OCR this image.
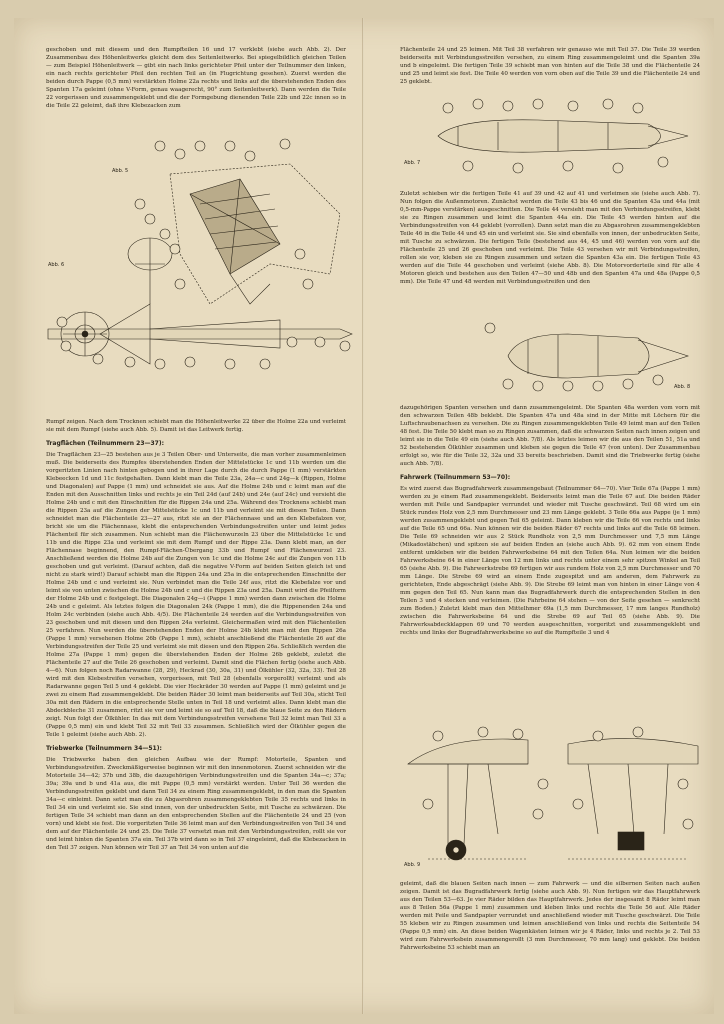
geschoben und mit diesem und den Rumpfteilen 16 und 17 verklebt (siehe auch Abb. 2). Der Zusammenbau des Höhenleitwerks gleicht dem des Seitenleitwerks. Bei spiegelbildlich gleichen Teilen — zum Beispiel Höhenleitwerk — gibt ein nach links gerichteter Pfeil unter der Teilnummer den linken, ein nach rechts gerichteter Pfeil den rechten Teil an (in Flugrichtung gesehen). Zuerst werden die beiden durch Pappe (0,5 mm) verstärkten Holme 22a rechts und links auf die überstehenden Enden des Spanten 17a geleimt (ohne V-Form, genau waagerecht, 90° zum Seitenleitwerk). Dann werden die Teile 22 vorgerissen und zusammengeklebt und die der Formgebung dienenden Teile 22b und 22c innen so in die Teile 22 geleimt, daß ihre Klebezacken zum

Abb. 5
Abb. 6

Rumpf zeigen. Nach dem Trocknen schiebt man die Höhenleitwerke 22 über die Holme 22a und verleimt sie mit dem Rumpf (siehe auch Abb. 5). Damit ist das Leitwerk fertig.

Tragflächen (Teilnummern 23—37):

Die Tragflächen 23—25 bestehen aus je 3 Teilen Ober- und Unterseite, die man vorher zusammenleimen muß. Die beiderseits des Rumpfes überstehenden Enden der Mittelstücke 1c und 11b werden um die vorgeritzten Linien nach hinten gebogen und in ihrer Lage durch die durch Pappe (1 mm) verstärkten Klebeecken 1d und 11c festgehalten. Dann klebt man die Teile 23a, 24a—c und 24g—k (Rippen, Holme und Diagonalen) auf Pappe (1 mm) und schneidet sie aus. Auf die Holme 24b und c leimt man auf die Enden mit den Ausschnitten links und rechts je ein Teil 24d (auf 24b) und 24e (auf 24c) und versieht die Holme 24b und c mit den Einschnitten für die Rippen 24a und 25a. Während des Trocknens schiebt man die Rippen 23a auf die Zungen der Mittelstücke 1c und 11b und verleimt sie mit diesen Teilen. Dann schneidet man die Flächenteile 23—27 aus, ritzt sie an der Flächennase und an den Klebefalzen vor, bricht sie um die Flächennase, klebt die entsprechenden Verbindungsstreifen unter und leimt jedes Flächenteil für sich zusammen. Nun schiebt man die Flächenwurzeln 23 über die Mittelstücke 1c und 11b und die Rippe 23a und verleimt sie mit dem Rumpf und der Rippe 23a. Dann klebt man, an der Flächennase beginnend, den Rumpf-Flächen-Übergang 33b und Rumpf und Flächenwurzel 23. Anschließend werden die Holme 24b auf die Zungen von 1c und die Holme 24c auf die Zungen von 11b geschoben und gut verleimt. (Darauf achten, daß die negative V-Form auf beiden Seiten gleich ist und nicht zu stark wird!) Darauf schiebt man die Rippen 24a und 25a in die entsprechenden Einschnitte der Holme 24b und c und verleimt sie. Nun verbindet man die Teile 24f aus, ritzt die Klebefalze vor und leimt sie von unten zwischen die Holme 24b und c und die Rippen 23a und 25a. Damit wird die Pfeilform der Holme 24b und c festgelegt. Die Diagonalen 24g—i (Pappe 1 mm) werden dann zwischen die Holme 24b und c geleimt. Als letztes folgen die Diagonalen 24k (Pappe 1 mm), die die Rippenenden 24a und Holm 24c verbinden (siehe auch Abb. 4/5). Die Flächenteile 24 werden auf die Verbindungsstreifen von 23 geschoben und mit diesen und den Rippen 24a verleimt. Gleichermaßen wird mit den Flächenteilen 25 verfahren. Nun werden die überstehenden Enden der Holme 24b klebt man mit den Rippen 26a (Pappe 1 mm) versehenen Holme 26b (Pappe 1 mm), schiebt anschließend die Flächenteile 26 auf die Verbindungsstreifen der Teile 25 und verleimt sie mit diesen und den Rippen 26a. Schließlich werden die Holme 27a (Pappe 1 mm) gegen die überstehenden Enden der Holme 26b geklebt, zuletzt die Flächenteile 27 auf die Teile 26 geschoben und verleimt. Damit sind die Flächen fertig (siehe auch Abb. 4—6). Nun folgen noch Radarwanne (28, 29), Heckrad (30, 30a, 31) und Ölkühler (32, 32a, 33). Teil 28 wird mit den Klebestreifen versehen, vorgerissen, mit Teil 28 (ebenfalls vorgerollt) verleimt und als Radarwanne gegen Teil 5 und 4 geklebt. Die vier Heckräder 30 werden auf Pappe (1 mm) geleimt und je zwei zu einem Rad zusammengeklebt. Die beiden Räder 30 leimt man beiderseits auf Teil 30a, sticht Teil 30a mit den Rädern in die entsprechende Stelle unten in Teil 18 und verleimt alles. Dann klebt man die Abdeckbleche 31 zusammen, ritzt sie vor und leimt sie so auf Teil 18, daß die blaue Seite zu den Rädern zeigt. Nun folgt der Ölkühler. In das mit dem Verbindungsstreifen versehene Teil 32 leimt man Teil 33 a (Pappe 0,5 mm) ein und klebt Teil 32 mit Teil 33 zusammen. Schließlich wird der Ölkühler gegen die Teile 1 geleimt (siehe auch Abb. 2).

Triebwerke (Teilnummern 34—51):

Die Triebwerke haben den gleichen Aufbau wie der Rumpf: Motorteile, Spanten und Verbindungsstreifen. Zweckmäßigerweise beginnen wir mit den innenmotoren. Zuerst schneiden wir die Motorteile 34—42; 37b und 38b, die dazugehörigen Verbindungsstreifen und die Spanten 34a—c; 37a; 39a; 39a und b und 41a aus, die mit Pappe (0,5 mm) verstärkt werden. Unter Teil 36 werden die Verbindungsstreifen geklebt und dann Teil 34 zu einem Ring zusammengeklebt, in den man die Spanten 34a—c einleimt. Dann setzt man die zu Abgasrohren zusammengeklebten Teile 35 rechts und links in Teil 34 ein und verleimt sie. Sie sind innen, von der unbedruckten Seite, mit Tusche zu schwärzen. Die fertigen Teile 34 schiebt man dann an den entsprechenden Stellen auf die Flächenteile 24 und 25 (von vorn) und klebt sie fest. Die vorgeritzten Teile 36 leimt man auf den Verbindungsstreifen von Teil 34 und dem auf der Flächenteile 24 und 25. Die Teile 37 versetzt man mit den Verbindungsstreifen, rollt sie vor und leimt hinten die Spanten 37a ein. Teil 37b wird dann so in Teil 37 eingeleimt, daß die Klebezacken in den Teil 37 zeigen. Nun können wir Teil 37 an Teil 34 von unten auf die

Flächenteile 24 und 25 leimen. Mit Teil 38 verfahren wir genauso wie mit Teil 37. Die Teile 39 werden beiderseits mit Verbindungsstreifen versehen, zu einem Ring zusammengeleimt und die Spanten 39a und b eingeleimt. Die fertigen Teile 39 schiebt man von hinten auf die Teile 38 und die Flächenteile 24 und 25 und leimt sie fest. Die Teile 40 werden von vorn oben auf die Teile 39 und die Flächenteile 24 und 25 geklebt.

Abb. 7

Zuletzt schieben wir die fertigen Teile 41 auf 39 und 42 auf 41 und verleimen sie (siehe auch Abb. 7). Nun folgen die Außenmotoren. Zunächst werden die Teile 43 bis 46 und die Spanten 43a und 44a (mit 0,5-mm-Pappe verstärken) ausgeschnitten. Die Teile 44 versieht man mit den Verbindungsstreifen, klebt sie zu Ringen zusammen und leimt die Spanten 44a ein. Die Teile 45 werden hinten auf die Verbindungsstreifen von 44 geklebt (vorrollen). Dann setzt man die zu Abgasrohren zusammengeklebten Teile 46 in die Teile 44 und 45 ein und verleimt sie. Sie sind ebenfalls von innen, der unbedruckten Seite, mit Tusche zu schwärzen. Die fertigen Teile (bestehend aus 44, 45 und 46) werden von vorn auf die Flächenteile 25 und 26 geschoben und verleimt. Die Teile 43 versehen wir mit Verbindungsstreifen, rollen sie vor, kleben sie zu Ringen zusammen und setzen die Spanten 43a ein. Die fertigen Teile 43 werden auf die Teile 44 geschoben und verleimt (siehe Abb. 8). Die Motorvorderteile sind für alle 4 Motoren gleich und bestehen aus den Teilen 47—50 und 48b und den Spanten 47a und 48a (Pappe 0,5 mm). Die Teile 47 und 48 werden mit Verbindungsstreifen und den

Abb. 8

dazugehörigen Spanten versehen und dann zusammengeleimt. Die Spanten 48a werden vom vorn mit den schwarzen Teilen 48b beklebt. Die Spanten 47a und 48a sind in der Mitte mit Löchern für die Luftschraubenachsen zu versehen. Die zu Ringen zusammengeklebten Teile 49 leimt man auf den Teilen 48 fest. Die Teile 50 klebt man so zu Ringen zusammen, daß die schwarzen Seiten nach innen zeigen und leimt sie in die Teile 49 ein (siehe auch Abb. 7/8). Als letztes leimen wir die aus den Teilen 51, 51a und 52 bestehenden Ölkühler zusammen und kleben sie gegen die Teile 47 (von unten). Der Zusammenbau erfolgt so, wie für die Teile 32, 32a und 33 bereits beschrieben. Damit sind die Triebwerke fertig (siehe auch Abb. 7/8).

Fahrwerk (Teilnummern 53—70):

Es wird zuerst das Bugradfahrwerk zusammengebaut (Teilnummer 64—70). Vier Teile 67a (Pappe 1 mm) werden zu je einem Rad zusammengeklebt. Beiderseits leimt man die Teile 67 auf. Die beiden Räder werden mit Feile und Sandpapier verrundet und wieder mit Tusche geschwärzt. Teil 68 wird um ein Stück rundes Holz von 2,5 mm Durchmesser und 23 mm Länge geklebt. 3 Teile 66a aus Pappe (je 1 mm) werden zusammengeklebt und gegen Teil 65 geleimt. Dann kleben wir die Teile 66 von rechts und links auf die Teile 65 und 66a. Nun können wir die beiden Räder 67 rechts und links auf die Teile 68 leimen. Die Teile 69 schneiden wir aus 2 Stück Rundholz von 2,5 mm Durchmesser und 7,5 mm Länge (Mikadostäbchen) und spitzen sie auf beiden Enden an (siehe auch Abb. 9). 62 mm von einem Ende entfernt umkleben wir die beiden Fahrwerksbeine 64 mit den Teilen 64a. Nun leimen wir die beiden Fahrwerksbeine 64 in einer Länge von 12 mm links und rechts unter einem sehr spitzen Winkel an Teil 65 (siehe Abb. 9). Die Fahrwerkstrebe 69 fertigen wir aus rundem Holz von 2,5 mm Durchmesser und 70 mm Länge. Die Strebe 69 wird an einem Ende zugespitzt und am anderen, dem Fahrwerk zu gerichteten, Ende abgeschrägt (siehe Abb. 9). Die Strebe 69 leimt man von hinten in einer Länge von 4 mm gegen den Teil 65. Nun kann man das Bugradfahrwerk durch die entsprechenden Stellen in den Teilen 3 und 4 stecken und verleimen. (Die Fahrbeine 64 stehen — von der Seite gesehen — senkrecht zum Boden.) Zuletzt klebt man den Mittelhmer 69a (1,5 mm Durchmesser, 17 mm langes Rundholz) zwischen die Fahrwerksbeine 64 und die Strebe 69 auf Teil 65 (siehe Abb. 9). Die Fahrwerksabdeckklappen 69 und 70 werden ausgeschnitten, vorgeritzt und zusammengeklebt und rechts und links der Bugradfahrwerksbeine so auf die Rumpfteile 3 und 4

Abb. 9

geleimt, daß die blauen Seiten nach innen — zum Fahrwerk — und die silbernen Seiten nach außen zeigen. Damit ist das Bugradfahrwerk fertig (siehe auch Abb. 9). Nun fertigen wir das Hauptfahrwerk aus den Teilen 53—63. Je vier Räder bilden das Hauptfahrwerk. Jedes der insgesamt 8 Räder leimt man aus 8 Teilen 56a (Pappe 1 mm) zusammen und kleben links und rechts die Teile 56 auf. Alle Räder werden mit Feile und Sandpapier verrundet und anschließend wieder mit Tusche geschwärzt. Die Teile 55 kleben wir zu Ringen zusammen und leimen anschließend von links und rechts die Seitenteile 54 (Pappe 0,5 mm) ein. An diese beiden Wagenkästen leimen wir je 4 Räder, links und rechts je 2. Teil 53 wird zum Fahrwerksbein zusammengerollt (3 mm Durchmesser, 70 mm lang) und geklebt. Die beiden Fahrwerksbeine 53 schiebt man an
